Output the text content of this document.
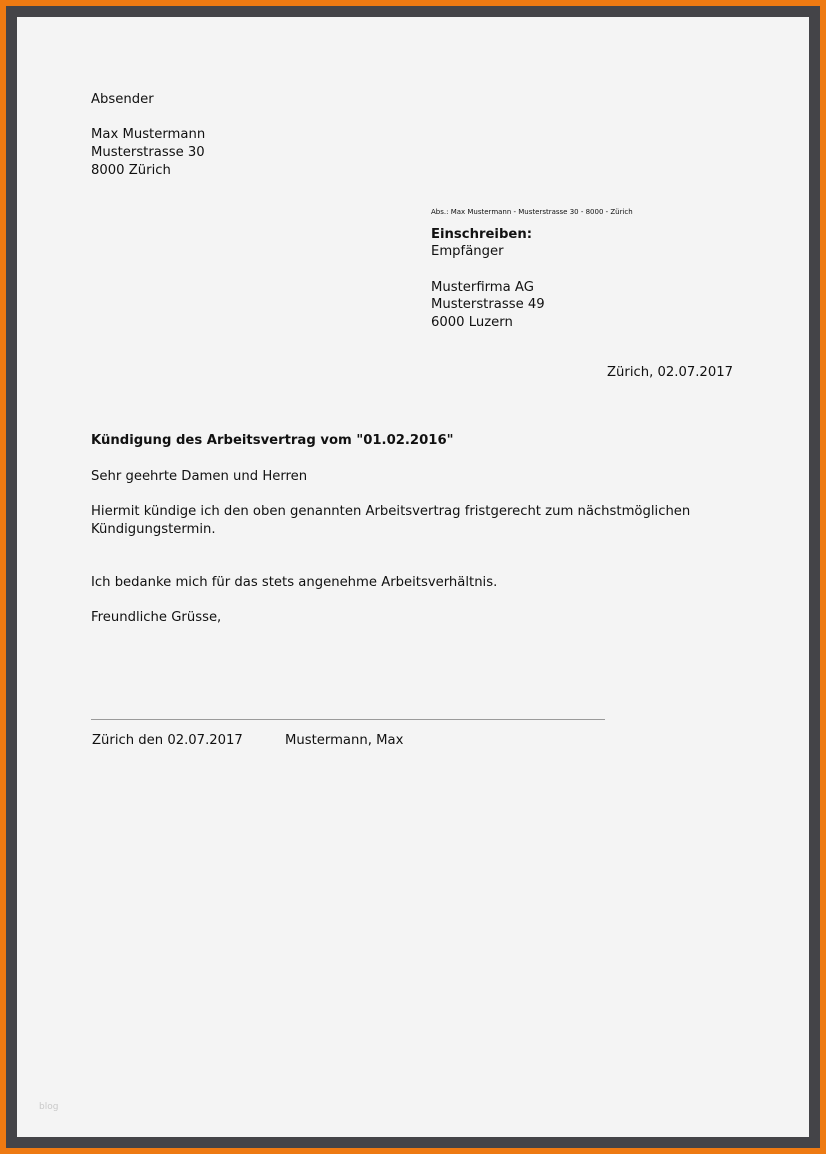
Absender
Max Mustermann
Musterstrasse 30
8000 Zürich
Abs.: Max Mustermann - Musterstrasse 30 - 8000 - Zürich
Einschreiben:
Empfänger
Musterfirma AG
Musterstrasse 49
6000 Luzern
Zürich, 02.07.2017
Kündigung des Arbeitsvertrag vom "01.02.2016"
Sehr geehrte Damen und Herren
Hiermit kündige ich den oben genannten Arbeitsvertrag fristgerecht zum nächstmöglichen
Kündigungstermin.
Ich bedanke mich für das stets angenehme Arbeitsverhältnis.
Freundliche Grüsse,
Zürich den 02.07.2017	Mustermann, Max
blog
